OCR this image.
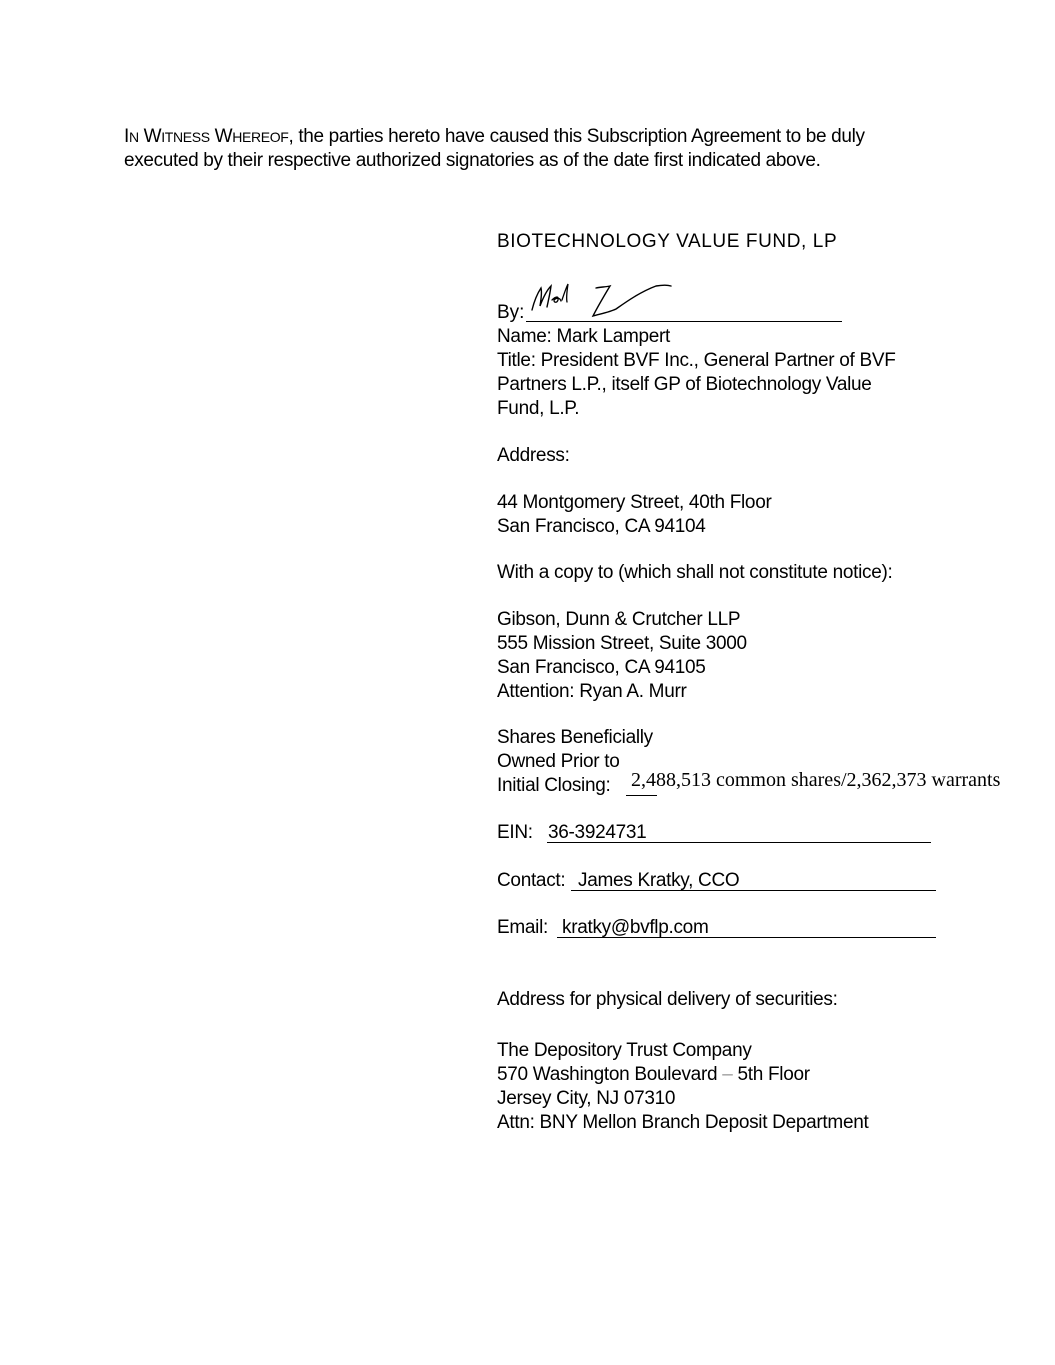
IN WITNESS WHEREOF, the parties hereto have caused this Subscription Agreement to be duly
executed by their respective authorized signatories as of the date first indicated above.
BIOTECHNOLOGY VALUE FUND, LP
By:
Name: Mark Lampert
Title: President BVF Inc., General Partner of BVF
Partners L.P., itself GP of Biotechnology Value
Fund, L.P.
Address:
44 Montgomery Street, 40th Floor
San Francisco, CA 94104
With a copy to (which shall not constitute notice):
Gibson, Dunn & Crutcher LLP
555 Mission Street, Suite 3000
San Francisco, CA 94105
Attention: Ryan A. Murr
Shares Beneficially
Owned Prior to
Initial Closing: 2,488,513 common shares/2,362,373 warrants
EIN: 36-3924731
Contact: James Kratky, CCO
Email: kratky@bvflp.com
Address for physical delivery of securities:
The Depository Trust Company
570 Washington Boulevard – 5th Floor
Jersey City, NJ 07310
Attn: BNY Mellon Branch Deposit Department
